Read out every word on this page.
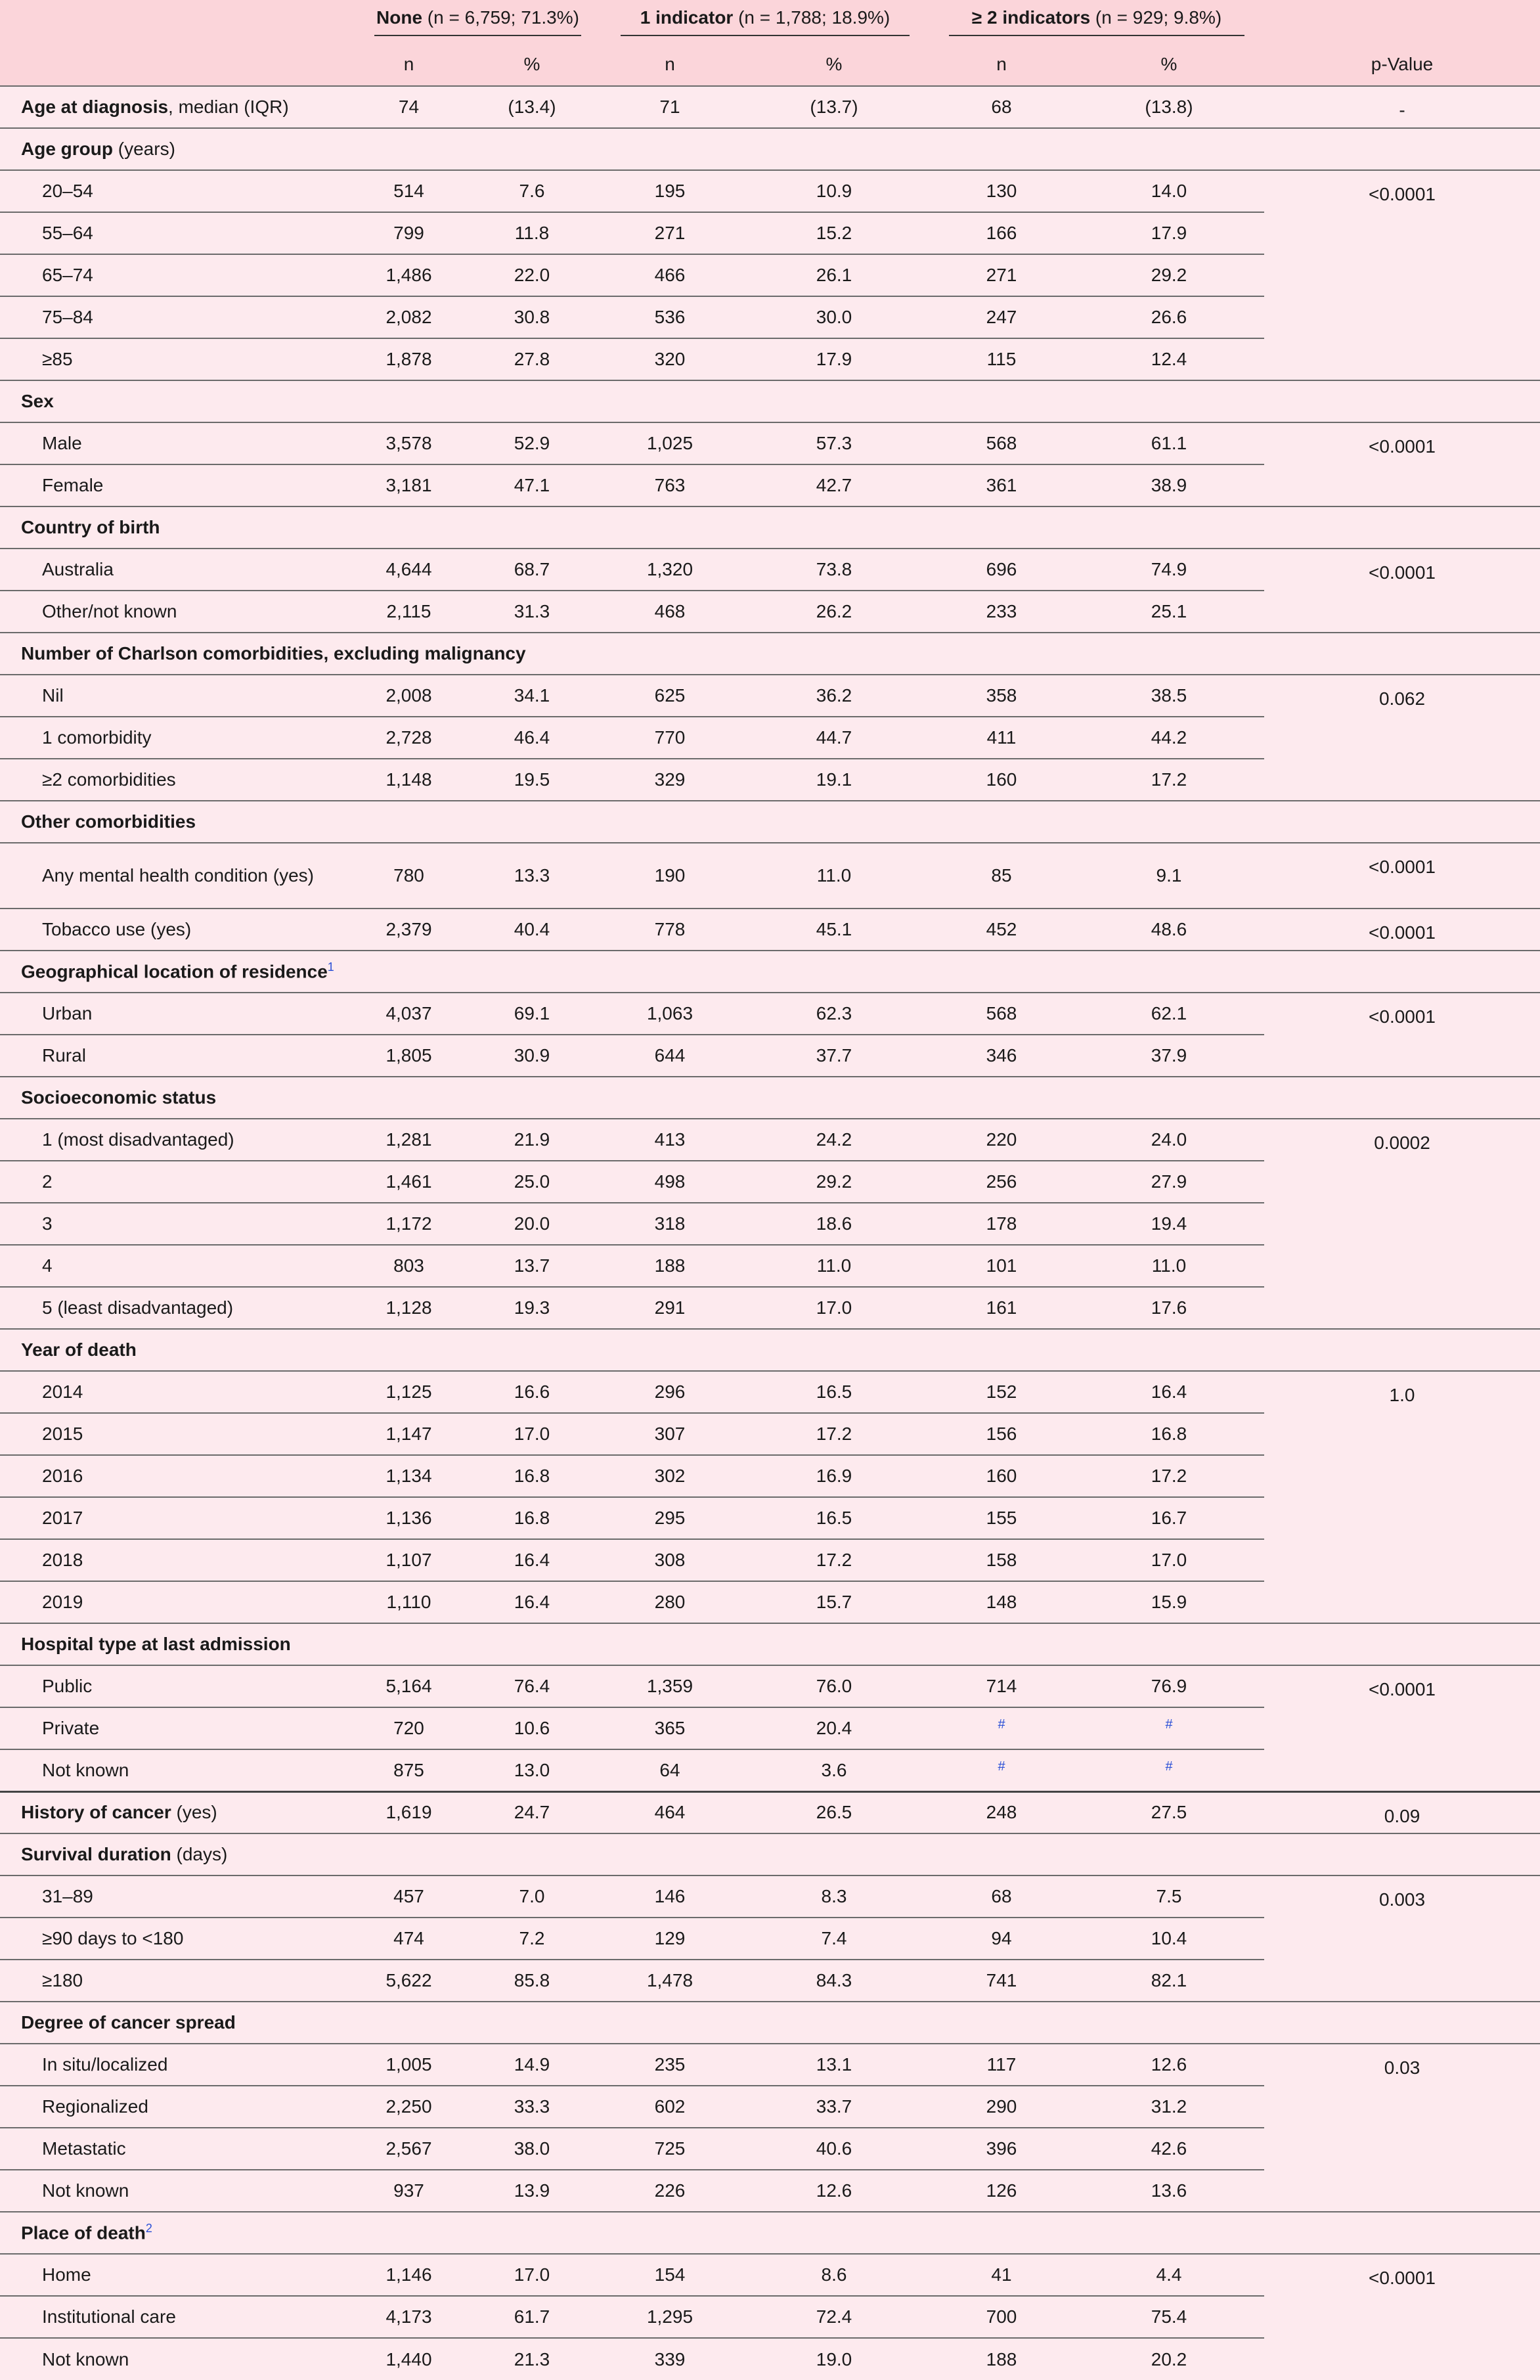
	None (n = 6,759; 71.3%)		1 indicator (n = 1,788; 18.9%)		≥ 2 indicators (n = 929; 9.8%)		

	n	%	n	%	n	%	p-Value
Age at diagnosis, median (IQR)	74	(13.4)	71	(13.7)	68	(13.8)	-
Age group (years)							
20–54	514	7.6	195	10.9	130	14.0	<0.0001
55–64	799	11.8	271	15.2	166	17.9	
65–74	1,486	22.0	466	26.1	271	29.2	
75–84	2,082	30.8	536	30.0	247	26.6	
≥85	1,878	27.8	320	17.9	115	12.4	
Sex							
Male	3,578	52.9	1,025	57.3	568	61.1	<0.0001
Female	3,181	47.1	763	42.7	361	38.9	
Country of birth							
Australia	4,644	68.7	1,320	73.8	696	74.9	<0.0001
Other/not known	2,115	31.3	468	26.2	233	25.1	
Number of Charlson comorbidities, excluding malignancy							
Nil	2,008	34.1	625	36.2	358	38.5	0.062
1 comorbidity	2,728	46.4	770	44.7	411	44.2	
≥2 comorbidities	1,148	19.5	329	19.1	160	17.2	
Other comorbidities							
Any mental health condition (yes)	780	13.3	190	11.0	85	9.1	<0.0001
Tobacco use (yes)	2,379	40.4	778	45.1	452	48.6	<0.0001
Geographical location of residence$^1$
Urban	4,037	69.1	1,063	62.3	568	62.1	<0.0001
Rural	1,805	30.9	644	37.7	346	37.9	
Socioeconomic status							
1 (most disadvantaged)	1,281	21.9	413	24.2	220	24.0	0.0002
2	1,461	25.0	498	29.2	256	27.9	
3	1,172	20.0	318	18.6	178	19.4	
4	803	13.7	188	11.0	101	11.0	
5 (least disadvantaged)	1,128	19.3	291	17.0	161	17.6	
Year of death							
2014	1,125	16.6	296	16.5	152	16.4	1.0
2015	1,147	17.0	307	17.2	156	16.8	
2016	1,134	16.8	302	16.9	160	17.2	
2017	1,136	16.8	295	16.5	155	16.7	
2018	1,107	16.4	308	17.2	158	17.0	
2019	1,110	16.4	280	15.7	148	15.9	
Hospital type at last admission							
Public	5,164	76.4	1,359	76.0	714	76.9	<0.0001
Private	720	10.6	365	20.4	#	#
Not known	875	13.0	64	3.6	#	#
History of cancer (yes)	1,619	24.7	464	26.5	248	27.5	0.09
Survival duration (days)							
31–89	457	7.0	146	8.3	68	7.5	0.003
≥90 days to <180	474	7.2	129	7.4	94	10.4	
≥180	5,622	85.8	1,478	84.3	741	82.1	
Degree of cancer spread							
In situ/localized	1,005	14.9	235	13.1	117	12.6	0.03
Regionalized	2,250	33.3	602	33.7	290	31.2	
Metastatic	2,567	38.0	725	40.6	396	42.6	
Not known	937	13.9	226	12.6	126	13.6	
Place of death$^2$
Home	1,146	17.0	154	8.6	41	4.4	<0.0001
Institutional care	4,173	61.7	1,295	72.4	700	75.4	
Not known	1,440	21.3	339	19.0	188	20.2	
